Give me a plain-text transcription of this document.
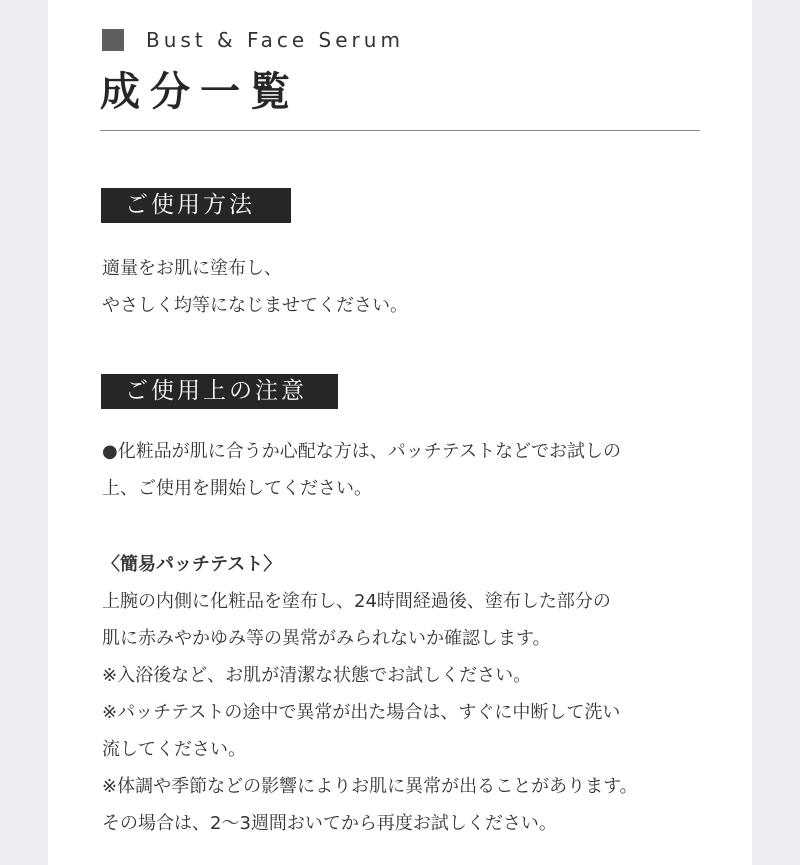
Bust & Face Serum
成分一覧
ご使用方法
適量をお肌に塗布し、
やさしく均等になじませてください。
ご使用上の注意
●化粧品が肌に合うか心配な方は、パッチテストなどでお試しの
上、ご使用を開始してください。
〈簡易パッチテスト〉
上腕の内側に化粧品を塗布し、24時間経過後、塗布した部分の
肌に赤みやかゆみ等の異常がみられないか確認します。
※入浴後など、お肌が清潔な状態でお試しください。
※パッチテストの途中で異常が出た場合は、すぐに中断して洗い
流してください。
※体調や季節などの影響によりお肌に異常が出ることがあります。
その場合は、2〜3週間おいてから再度お試しください。
